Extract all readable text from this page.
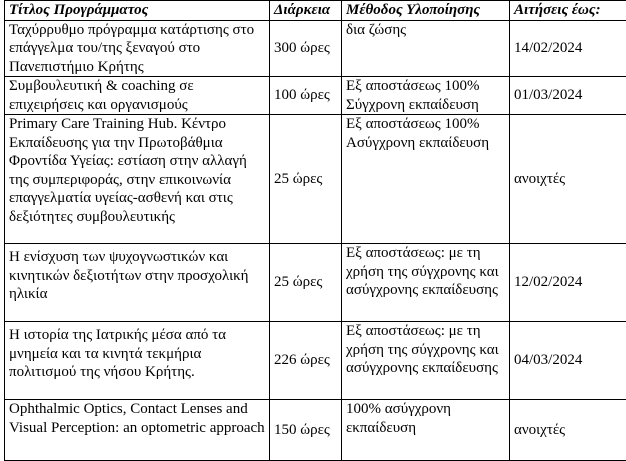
Τίτλος Προγράμματος	Διάρκεια	Μέθοδος Υλοποίησης	Αιτήσεις έως:
Ταχύρρυθμο πρόγραμμα κατάρτισης στο επάγγελμα του/της ξεναγού στο Πανεπιστήμιο Κρήτης	300 ώρες	δια ζώσης	14/02/2024
Συμβουλευτική & coaching σε επιχειρήσεις και οργανισμούς	100 ώρες	Εξ αποστάσεως 100% Σύγχρονη εκπαίδευση	01/03/2024
Primary Care Training Hub. Κέντρο Εκπαίδευσης για την Πρωτοβάθμια Φροντίδα Υγείας: εστίαση στην αλλαγή της συμπεριφοράς, στην επικοινωνία επαγγελματία υγείας-ασθενή και στις δεξιότητες συμβουλευτικής	25 ώρες	Εξ αποστάσεως 100% Ασύγχρονη εκπαίδευση	ανοιχτές
Η ενίσχυση των ψυχογνωστικών και κινητικών δεξιοτήτων στην προσχολική ηλικία	25 ώρες	Εξ αποστάσεως: με τη χρήση της σύγχρονης και ασύγχρονης εκπαίδευσης	12/02/2024
Η ιστορία της Ιατρικής μέσα από τα μνημεία και τα κινητά τεκμήρια πολιτισμού της νήσου Κρήτης.	226 ώρες	Εξ αποστάσεως: με τη χρήση της σύγχρονης και ασύγχρονης εκπαίδευσης	04/03/2024
Ophthalmic Optics, Contact Lenses and Visual Perception: an optometric approach	150 ώρες	100% ασύγχρονη εκπαίδευση	ανοιχτές
